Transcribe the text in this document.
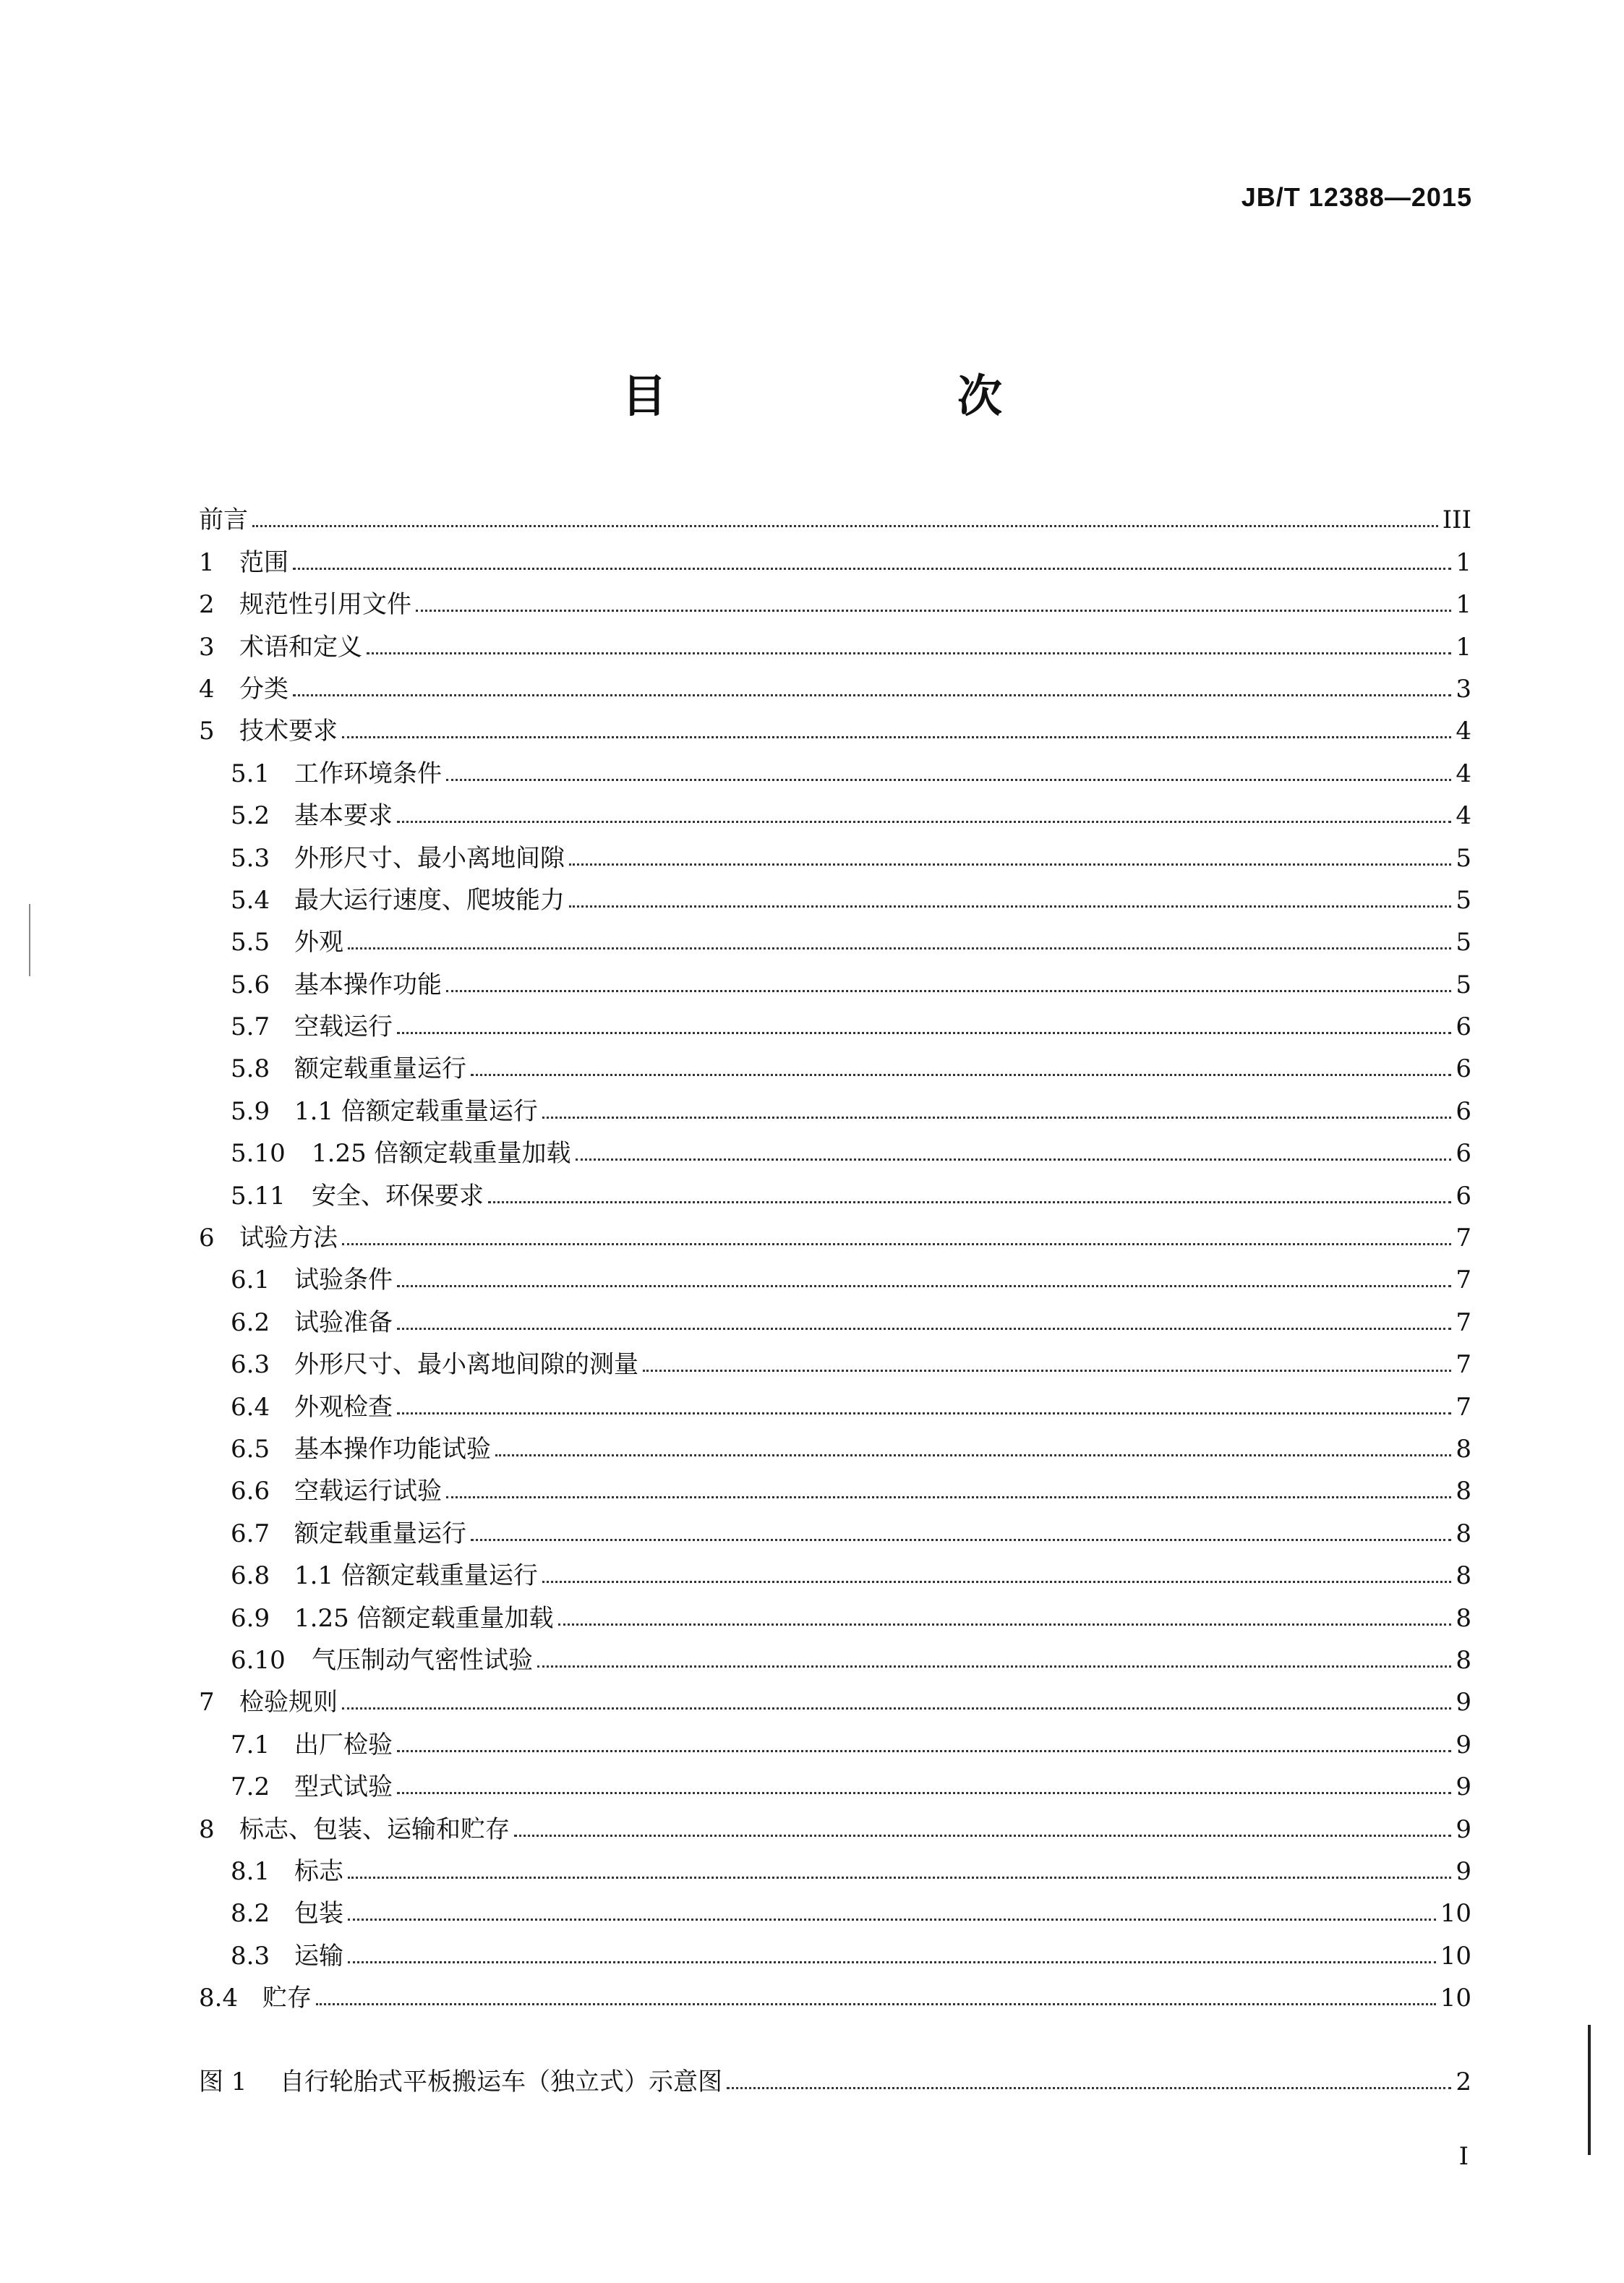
JB/T 12388—2015
目　次
前言	III
1	范围	1
2	规范性引用文件	1
3	术语和定义	1
4	分类	3
5	技术要求	4
5.1 工作环境条件	4
5.2 基本要求	4
5.3 外形尺寸、最小离地间隙	5
5.4 最大运行速度、爬坡能力	5
5.5 外观	5
5.6 基本操作功能	5
5.7 空载运行	6
5.8 额定载重量运行	6
5.9 1.1 倍额定载重量运行	6
5.10	1.25 倍额定载重量加载	6
5.11	安全、环保要求	6
6	试验方法	7
6.1 试验条件	7
6.2 试验准备	7
6.3 外形尺寸、最小离地间隙的测量	7
6.4 外观检查	7
6.5 基本操作功能试验	8
6.6 空载运行试验	8
6.7 额定载重量运行	8
6.8 1.1 倍额定载重量运行	8
6.9 1.25 倍额定载重量加载	8
6.10	气压制动气密性试验	8
7	检验规则	9
7.1 出厂检验	9
7.2 型式试验	9
8	标志、包装、运输和贮存	9
8.1 标志	9
8.2 包装	10
8.3 运输	10
8.4 贮存	10
图 1	自行轮胎式平板搬运车（独立式）示意图	2
I
